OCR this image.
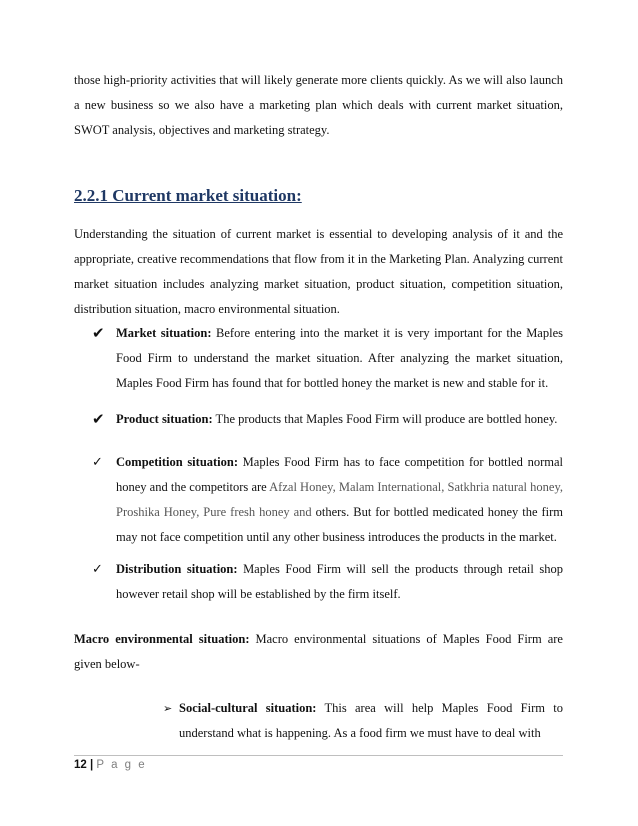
those high-priority activities that will likely generate more clients quickly. As we will also launch a new business so we also have a marketing plan which deals with current market situation, SWOT analysis, objectives and marketing strategy.
2.2.1 Current market situation:
Understanding the situation of current market is essential to developing analysis of it and the appropriate, creative recommendations that flow from it in the Marketing Plan. Analyzing current market situation includes analyzing market situation, product situation, competition situation, distribution situation, macro environmental situation.
✔ Market situation: Before entering into the market it is very important for the Maples Food Firm to understand the market situation. After analyzing the market situation, Maples Food Firm has found that for bottled honey the market is new and stable for it.
✔ Product situation: The products that Maples Food Firm will produce are bottled honey.
✓ Competition situation: Maples Food Firm has to face competition for bottled normal honey and the competitors are Afzal Honey, Malam International, Satkhria natural honey, Proshika Honey, Pure fresh honey and others. But for bottled medicated honey the firm may not face competition until any other business introduces the products in the market.
✓ Distribution situation: Maples Food Firm will sell the products through retail shop however retail shop will be established by the firm itself.
Macro environmental situation: Macro environmental situations of Maples Food Firm are given below-
➢ Social-cultural situation: This area will help Maples Food Firm to understand what is happening. As a food firm we must have to deal with
12 | P a g e
